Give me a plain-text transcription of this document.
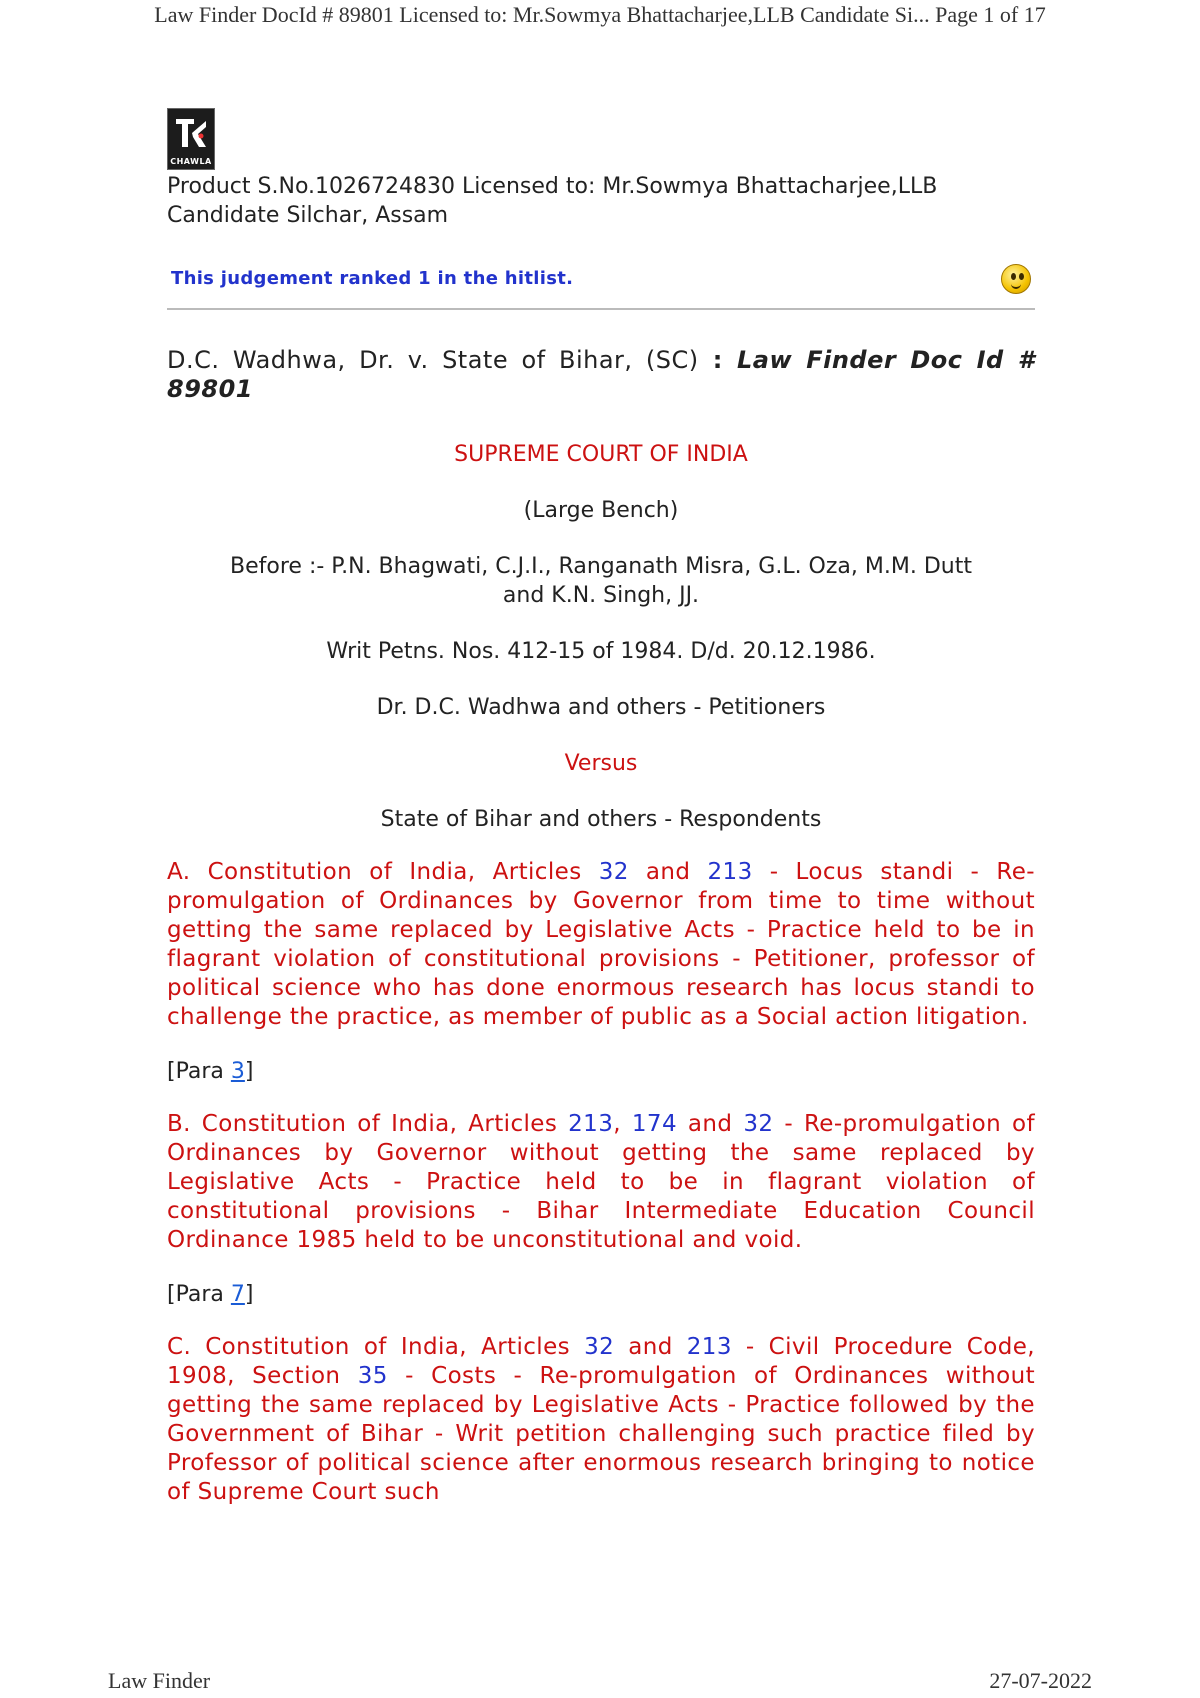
Law Finder DocId # 89801 Licensed to: Mr.Sowmya Bhattacharjee,LLB Candidate Si... Page 1 of 17
CHAWLA
Product S.No.1026724830 Licensed to: Mr.Sowmya Bhattacharjee,LLB
Candidate Silchar, Assam
This judgement ranked 1 in the hitlist.
D.C. Wadhwa, Dr. v. State of Bihar, (SC) : Law Finder Doc Id # 89801
SUPREME COURT OF INDIA
(Large Bench)
Before :- P.N. Bhagwati, C.J.I., Ranganath Misra, G.L. Oza, M.M. Dutt
and K.N. Singh, JJ.
Writ Petns. Nos. 412-15 of 1984. D/d. 20.12.1986.
Dr. D.C. Wadhwa and others - Petitioners
Versus
State of Bihar and others - Respondents
A. Constitution of India, Articles 32 and 213 - Locus standi - Re-promulgation of Ordinances by Governor from time to time without getting the same replaced by Legislative Acts - Practice held to be in flagrant violation of constitutional provisions - Petitioner, professor of political science who has done enormous research has locus standi to challenge the practice, as member of public as a Social action litigation.
[Para 3]
B. Constitution of India, Articles 213, 174 and 32 - Re-promulgation of Ordinances by Governor without getting the same replaced by Legislative Acts - Practice held to be in flagrant violation of constitutional provisions - Bihar Intermediate Education Council Ordinance 1985 held to be unconstitutional and void.
[Para 7]
C. Constitution of India, Articles 32 and 213 - Civil Procedure Code, 1908, Section 35 - Costs - Re-promulgation of Ordinances without getting the same replaced by Legislative Acts - Practice followed by the Government of Bihar - Writ petition challenging such practice filed by Professor of political science after enormous research bringing to notice of Supreme Court such
Law Finder	27-07-2022
